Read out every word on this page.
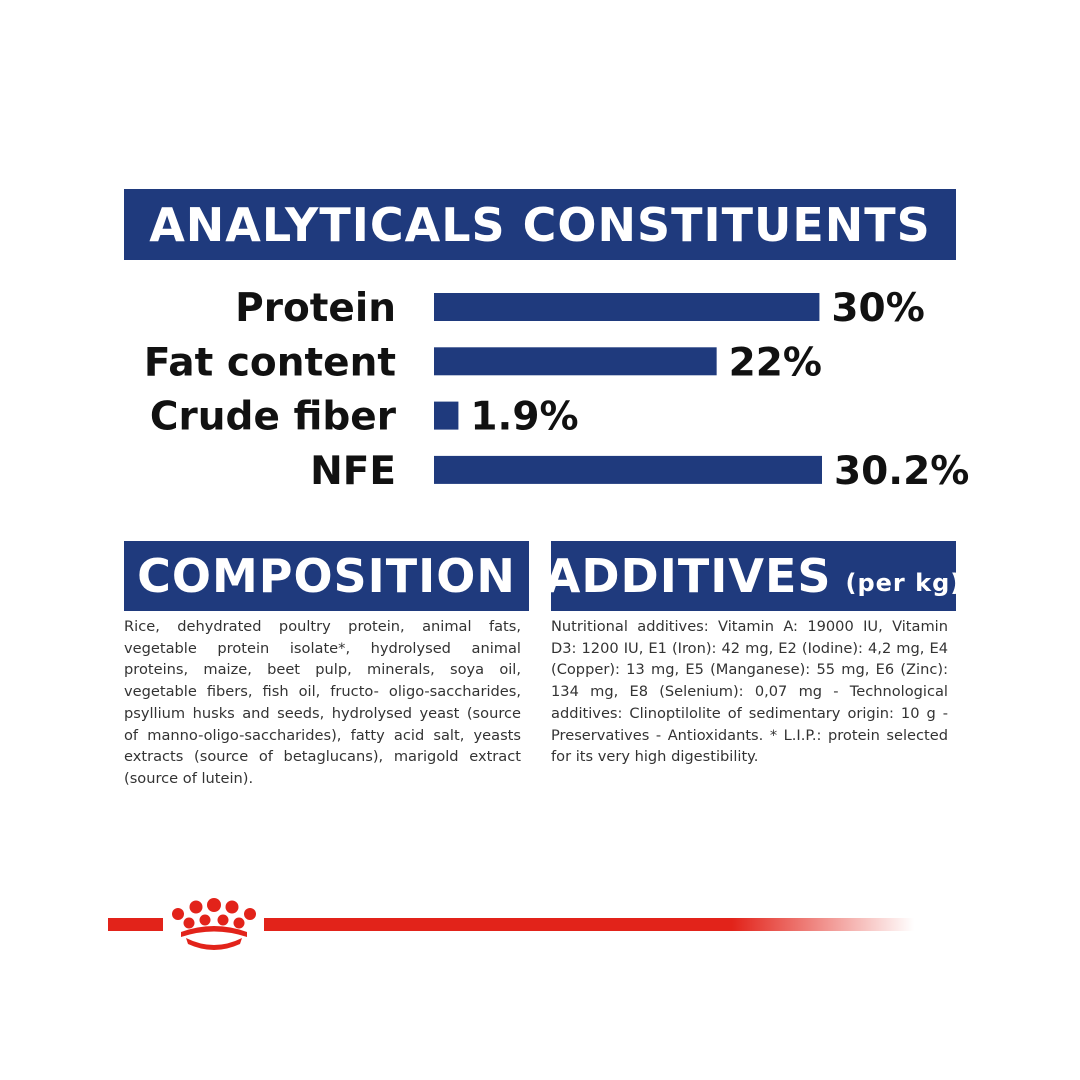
ANALYTICALS CONSTITUENTS
Protein	30%
Fat content	22%
Crude fiber 1.9%
NFE	30.2%
COMPOSITION

Rice, dehydrated poultry protein, animal fats, vegetable protein isolate*, hydrolysed animal proteins, maize, beet pulp, minerals, soya oil, vegetable fibers, fish oil, fructo- oligo-saccharides, psyllium husks and seeds, hydrolysed yeast (source of manno-oligo-saccharides), fatty acid salt, yeasts extracts (source of betaglucans), marigold extract (source of lutein).

ADDITIVES (per kg)

Nutritional additives: Vitamin A: 19000 IU, Vitamin D3: 1200 IU, E1 (Iron): 42 mg, E2 (Iodine): 4,2 mg, E4 (Copper): 13 mg, E5 (Manganese): 55 mg, E6 (Zinc): 134 mg, E8 (Selenium): 0,07 mg - Technological additives: Clinoptilolite of sedimentary origin: 10 g - Preservatives - Antioxidants. * L.I.P.: protein selected for its very high digestibility.
